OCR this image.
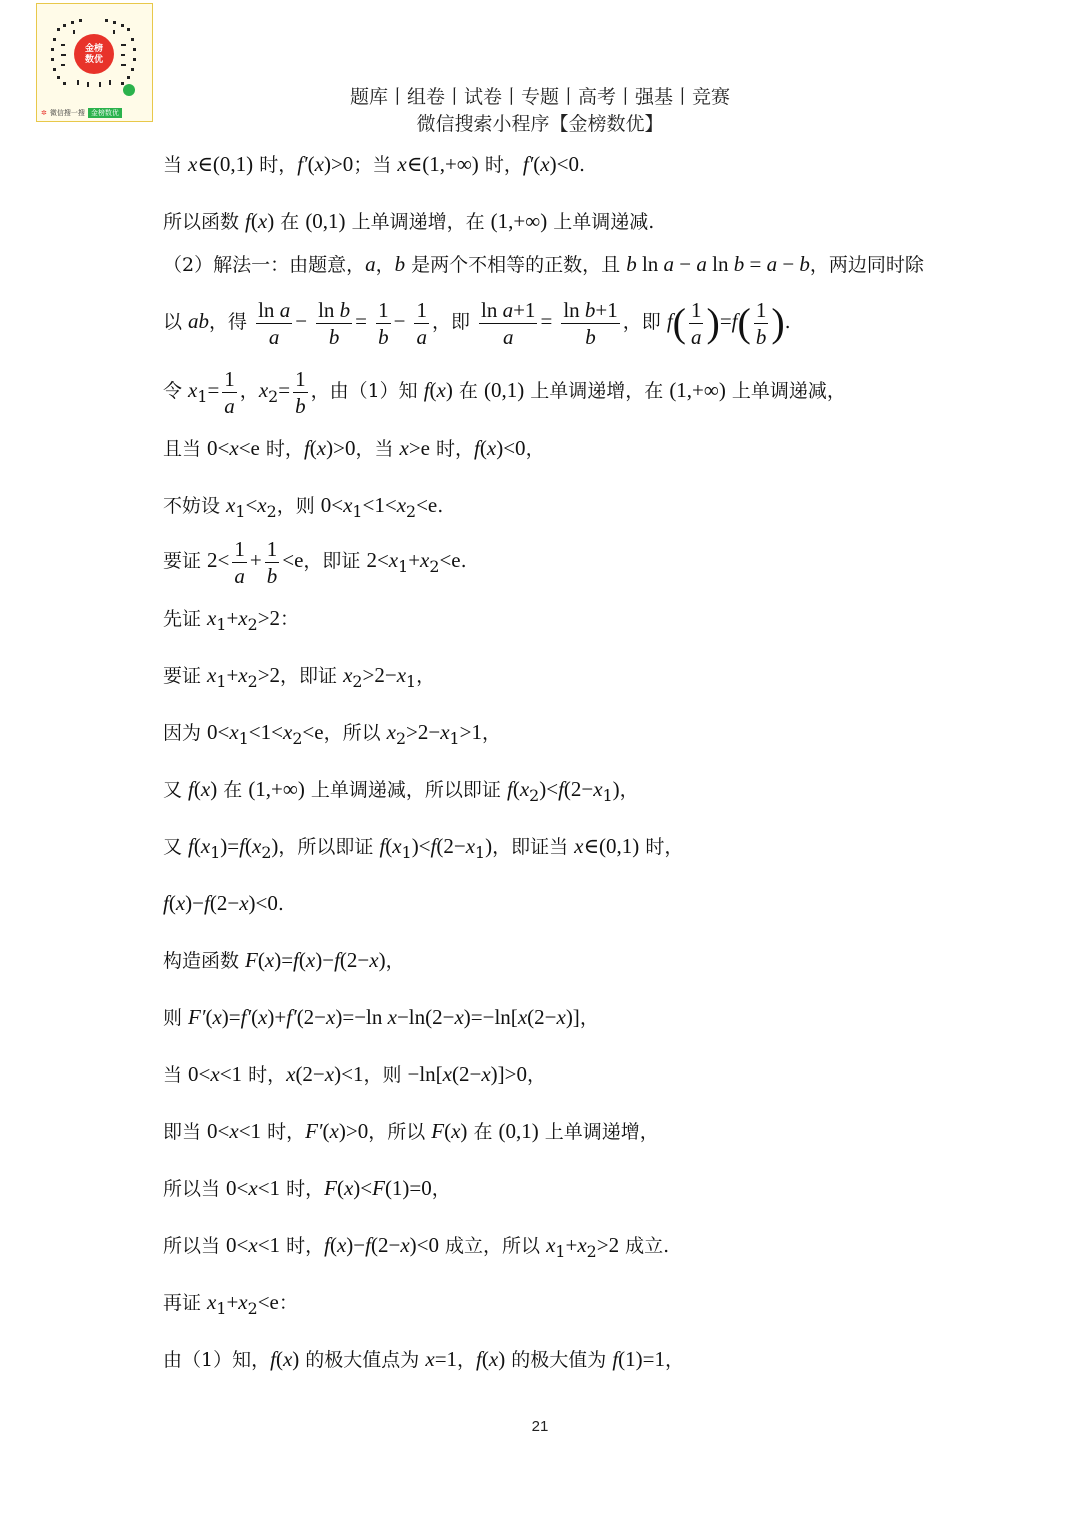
金榜
数优
✲ 微信搜一搜 金榜数优
题库丨组卷丨试卷丨专题丨高考丨强基丨竞赛
微信搜索小程序【金榜数优】
当 x∈(0,1) 时，f′(x)>0；当 x∈(1,+∞) 时，f′(x)<0.
所以函数 f(x) 在 (0,1) 上单调递增，在 (1,+∞) 上单调递减.
（2）解法一：由题意，a，b 是两个不相等的正数，且 b ln a − a ln b = a − b，两边同时除
以 ab，得 $\frac{\text{ln a}}{a} - \frac{\text{ln b}}{b} = \frac{1}{b} - \frac{1}{a}$ ，即 $\frac{\text{ln a+1}}{a} = \frac{\text{ln b+1}}{b}$ ，即 $f( \frac{1}{a} )=f( \frac{1}{b}$ ).
令 $x_1= \frac{1}{a}$ ，$x_2= \frac{1}{b}$ ，由（1）知 f(x) 在 (0,1) 上单调递增，在 (1,+∞) 上单调递减，
且当 0<x<e 时，f(x)>0，当 x>e 时，f(x)<0，
不妨设 $x_1<x_2$，则 $0<x_1<1<x_2<e$.
要证 $2< \frac{1}{a} + \frac{1}{b} <e$，即证 $2<x_1+x_2<e$.
先证 $x_1+x_2>2$：
要证 $x_1+x_2>2$，即证 $x_2>2-x_1$，
因为 $0<x_1<1<x_2<e$，所以 $x_2>2-x_1>1$，
又 f(x) 在 (1,+∞) 上单调递减，所以即证 $f(x_2)<f(2-x_1)$，
又 $f(x_1)=f(x_2)$，所以即证 $f(x_1)<f(2-x_1)$，即证当 x∈(0,1) 时，
f(x)−f(2−x)<0.
构造函数 F(x)=f(x)−f(2−x)，
则 F′(x)=f′(x)+f′(2−x)=−ln x−ln(2−x)=−ln[x(2−x)]，
当 0<x<1 时，x(2−x)<1，则 −ln[x(2−x)]>0，
即当 0<x<1 时，F′(x)>0，所以 F(x) 在 (0,1) 上单调递增，
所以当 0<x<1 时，F(x)<F(1)=0，
所以当 0<x<1 时，f(x)−f(2−x)<0 成立，所以 $x_1+x_2>2$ 成立.
再证 $x_1+x_2<e$：
由（1）知，f(x) 的极大值点为 x=1，f(x) 的极大值为 f(1)=1，
21
